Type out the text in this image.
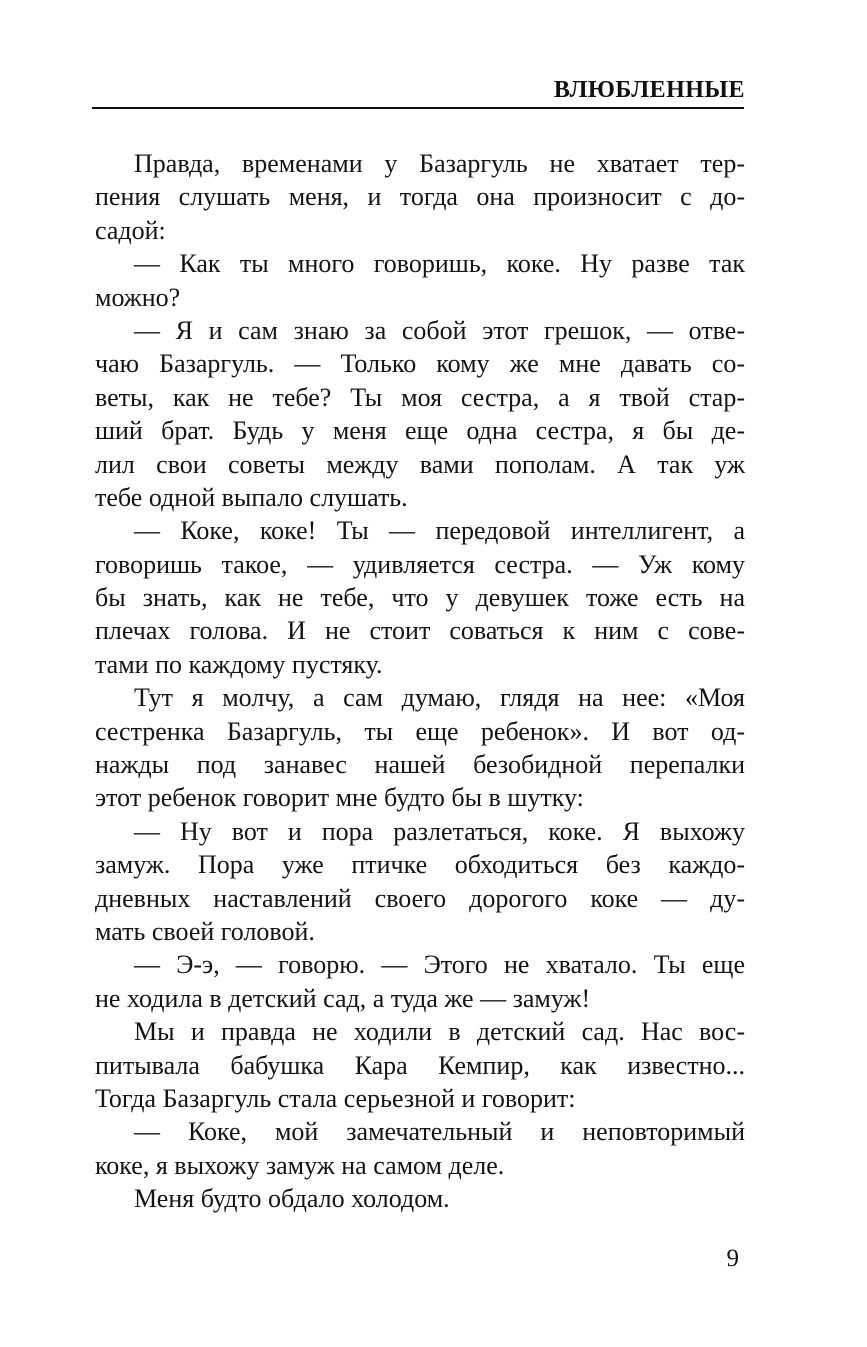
ВЛЮБЛЕННЫЕ
Правда, временами у Базаргуль не хватает тер-
пения слушать меня, и тогда она произносит с до-
садой:
— Как ты много говоришь, коке. Ну разве так
можно?
— Я и сам знаю за собой этот грешок, — отве-
чаю Базаргуль. — Только кому же мне давать со-
веты, как не тебе? Ты моя сестра, а я твой стар-
ший брат. Будь у меня еще одна сестра, я бы де-
лил свои советы между вами пополам. А так уж
тебе одной выпало слушать.
— Коке, коке! Ты — передовой интеллигент, а
говоришь такое, — удивляется сестра. — Уж кому
бы знать, как не тебе, что у девушек тоже есть на
плечах голова. И не стоит соваться к ним с сове-
тами по каждому пустяку.
Тут я молчу, а сам думаю, глядя на нее: «Моя
сестренка Базаргуль, ты еще ребенок». И вот од-
нажды под занавес нашей безобидной перепалки
этот ребенок говорит мне будто бы в шутку:
— Ну вот и пора разлетаться, коке. Я выхожу
замуж. Пора уже птичке обходиться без каждо-
дневных наставлений своего дорогого коке — ду-
мать своей головой.
— Э-э, — говорю. — Этого не хватало. Ты еще
не ходила в детский сад, а туда же — замуж!
Мы и правда не ходили в детский сад. Нас вос-
питывала бабушка Кара Кемпир, как известно...
Тогда Базаргуль стала серьезной и говорит:
— Коке, мой замечательный и неповторимый
коке, я выхожу замуж на самом деле.
Меня будто обдало холодом.
9
